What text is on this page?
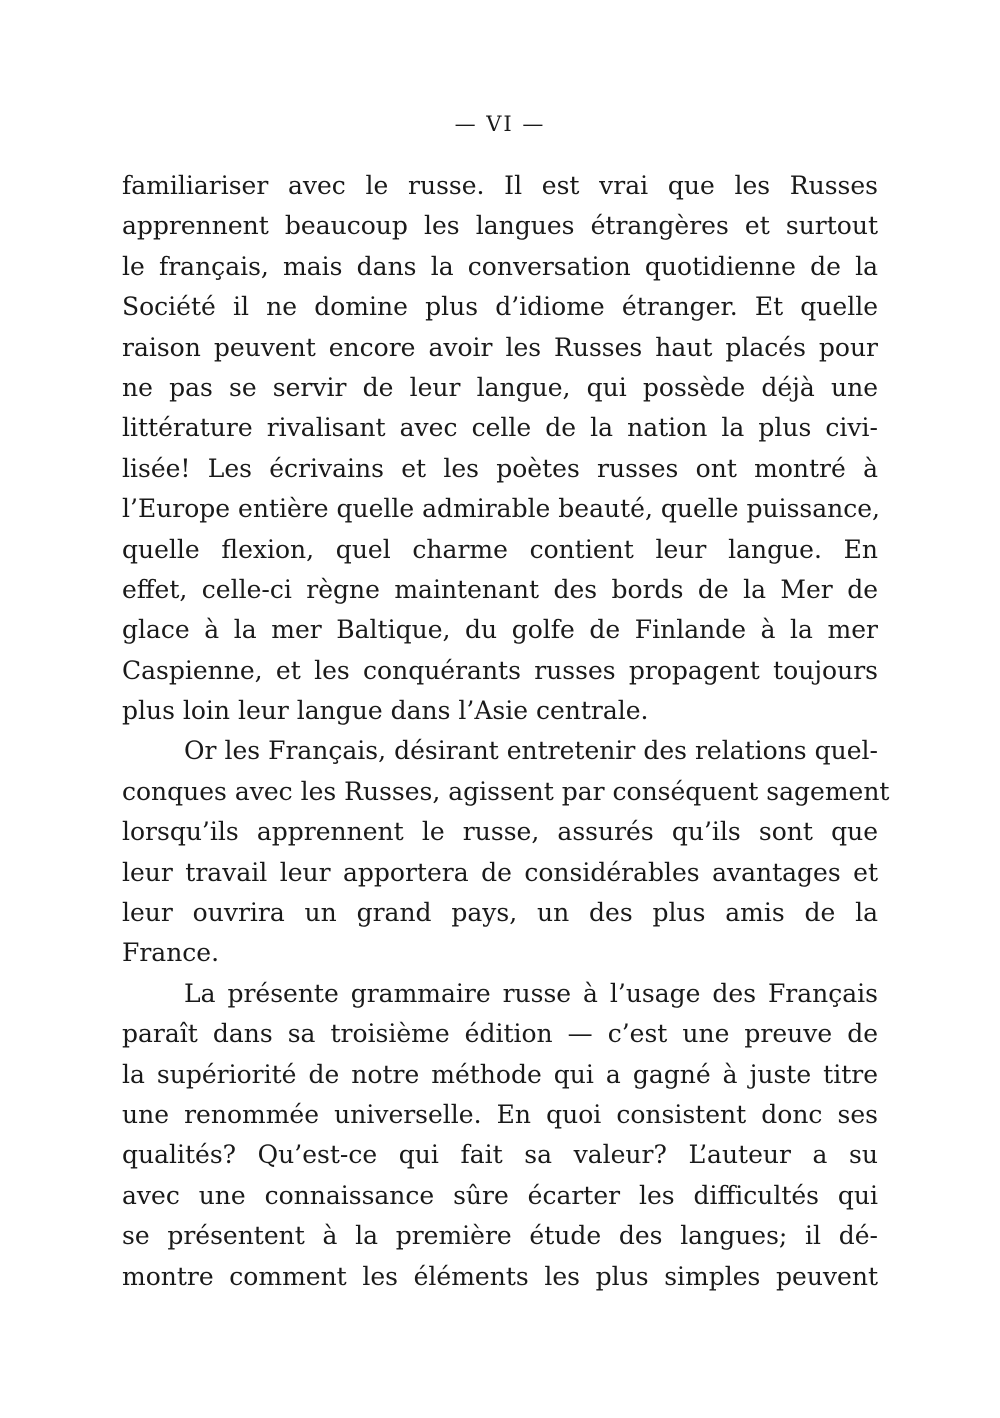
— VI —
familiariser avec le russe. Il est vrai que les Russes
apprennent beaucoup les langues étrangères et surtout
le français, mais dans la conversation quotidienne de la
Société il ne domine plus d’idiome étranger. Et quelle
raison peuvent encore avoir les Russes haut placés pour
ne pas se servir de leur langue, qui possède déjà une
littérature rivalisant avec celle de la nation la plus civi-
lisée! Les écrivains et les poètes russes ont montré à
l’Europe entière quelle admirable beauté, quelle puissance,
quelle flexion, quel charme contient leur langue. En
effet, celle-ci règne maintenant des bords de la Mer de
glace à la mer Baltique, du golfe de Finlande à la mer
Caspienne, et les conquérants russes propagent toujours
plus loin leur langue dans l’Asie centrale.
Or les Français, désirant entretenir des relations quel-
conques avec les Russes, agissent par conséquent sagement
lorsqu’ils apprennent le russe, assurés qu’ils sont que
leur travail leur apportera de considérables avantages et
leur ouvrira un grand pays, un des plus amis de la
France.
La présente grammaire russe à l’usage des Français
paraît dans sa troisième édition — c’est une preuve de
la supériorité de notre méthode qui a gagné à juste titre
une renommée universelle. En quoi consistent donc ses
qualités? Qu’est-ce qui fait sa valeur? L’auteur a su
avec une connaissance sûre écarter les difficultés qui
se présentent à la première étude des langues; il dé-
montre comment les éléments les plus simples peuvent
